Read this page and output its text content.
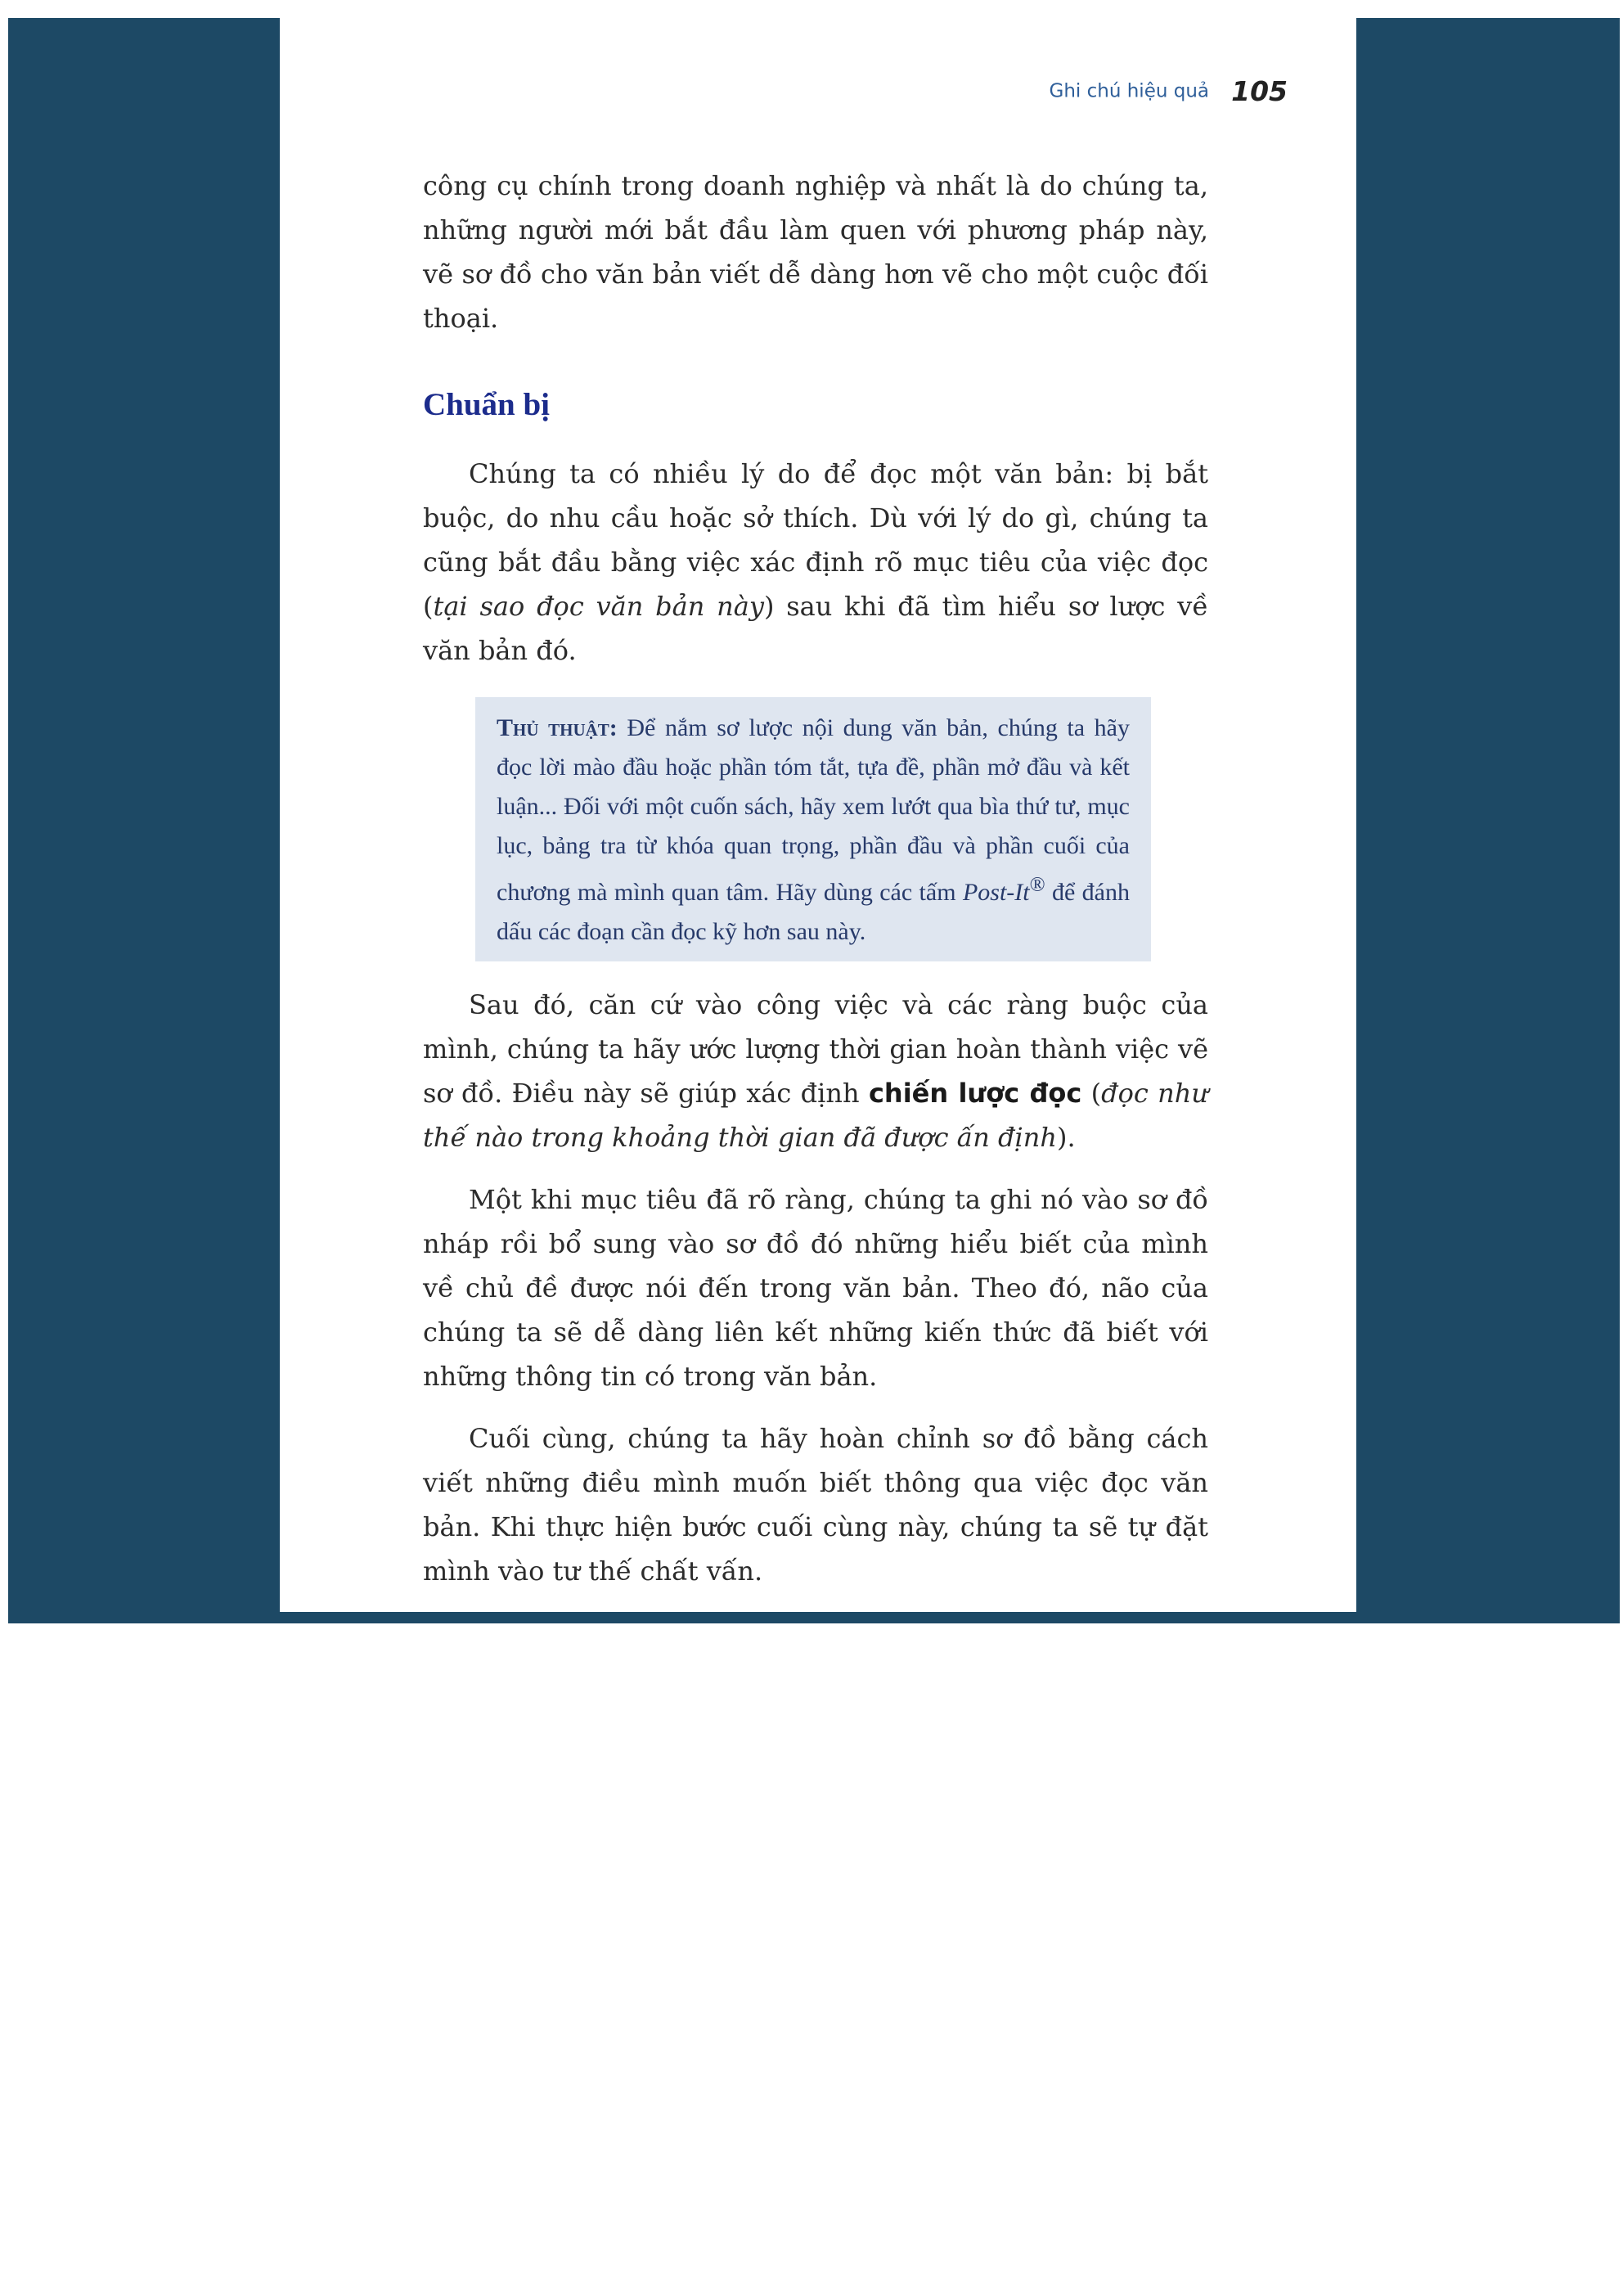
Ghi chú hiệu quả 105

công cụ chính trong doanh nghiệp và nhất là do chúng ta, những người mới bắt đầu làm quen với phương pháp này, vẽ sơ đồ cho văn bản viết dễ dàng hơn vẽ cho một cuộc đối thoại.

Chuẩn bị

Chúng ta có nhiều lý do để đọc một văn bản: bị bắt buộc, do nhu cầu hoặc sở thích. Dù với lý do gì, chúng ta cũng bắt đầu bằng việc xác định rõ mục tiêu của việc đọc (tại sao đọc văn bản này) sau khi đã tìm hiểu sơ lược về văn bản đó.

Thủ thuật: Để nắm sơ lược nội dung văn bản, chúng ta hãy đọc lời mào đầu hoặc phần tóm tắt, tựa đề, phần mở đầu và kết luận... Đối với một cuốn sách, hãy xem lướt qua bìa thứ tư, mục lục, bảng tra từ khóa quan trọng, phần đầu và phần cuối của chương mà mình quan tâm. Hãy dùng các tấm Post-It® để đánh dấu các đoạn cần đọc kỹ hơn sau này.

Sau đó, căn cứ vào công việc và các ràng buộc của mình, chúng ta hãy ước lượng thời gian hoàn thành việc vẽ sơ đồ. Điều này sẽ giúp xác định chiến lược đọc (đọc như thế nào trong khoảng thời gian đã được ấn định).

Một khi mục tiêu đã rõ ràng, chúng ta ghi nó vào sơ đồ nháp rồi bổ sung vào sơ đồ đó những hiểu biết của mình về chủ đề được nói đến trong văn bản. Theo đó, não của chúng ta sẽ dễ dàng liên kết những kiến thức đã biết với những thông tin có trong văn bản.

Cuối cùng, chúng ta hãy hoàn chỉnh sơ đồ bằng cách viết những điều mình muốn biết thông qua việc đọc văn bản. Khi thực hiện bước cuối cùng này, chúng ta sẽ tự đặt mình vào tư thế chất vấn.
